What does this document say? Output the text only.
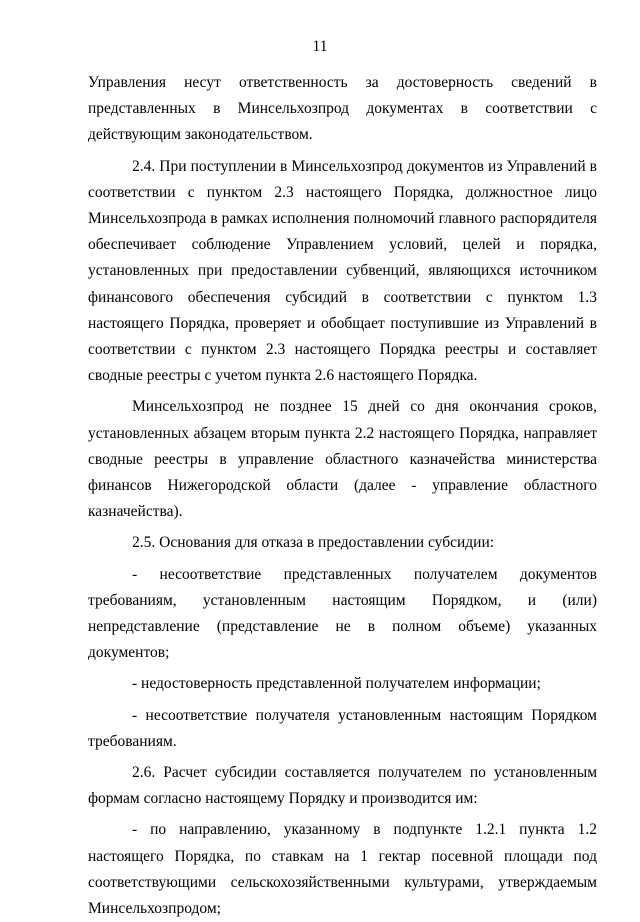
11

Управления несут ответственность за достоверность сведений в представленных в Минсельхозпрод документах в соответствии с действующим законодательством.

2.4. При поступлении в Минсельхозпрод документов из Управлений в соответствии с пунктом 2.3 настоящего Порядка, должностное лицо Минсельхозпрода в рамках исполнения полномочий главного распорядителя обеспечивает соблюдение Управлением условий, целей и порядка, установленных при предоставлении субвенций, являющихся источником финансового обеспечения субсидий в соответствии с пунктом 1.3 настоящего Порядка, проверяет и обобщает поступившие из Управлений в соответствии с пунктом 2.3 настоящего Порядка реестры и составляет сводные реестры с учетом пункта 2.6 настоящего Порядка.

Минсельхозпрод не позднее 15 дней со дня окончания сроков, установленных абзацем вторым пункта 2.2 настоящего Порядка, направляет сводные реестры в управление областного казначейства министерства финансов Нижегородской области (далее - управление областного казначейства).

2.5. Основания для отказа в предоставлении субсидии:

- несоответствие представленных получателем документов требованиям, установленным настоящим Порядком, и (или) непредставление (представление не в полном объеме) указанных документов;

- недостоверность представленной получателем информации;

- несоответствие получателя установленным настоящим Порядком требованиям.

2.6. Расчет субсидии составляется получателем по установленным формам согласно настоящему Порядку и производится им:

- по направлению, указанному в подпункте 1.2.1 пункта 1.2 настоящего Порядка, по ставкам на 1 гектар посевной площади под соответствующими сельскохозяйственными культурами, утверждаемым Минсельхозпродом;
